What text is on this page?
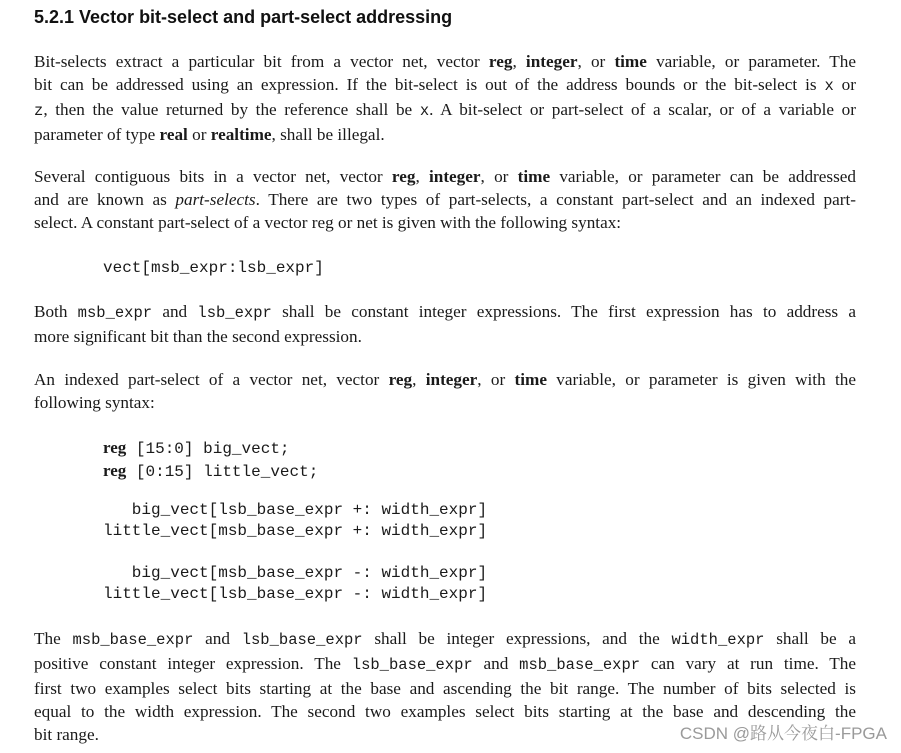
5.2.1 Vector bit-select and part-select addressing

Bit-selects extract a particular bit from a vector net, vector reg, integer, or time variable, or parameter. The
bit can be addressed using an expression. If the bit-select is out of the address bounds or the bit-select is x or
z, then the value returned by the reference shall be x. A bit-select or part-select of a scalar, or of a variable or
parameter of type real or realtime, shall be illegal.

Several contiguous bits in a vector net, vector reg, integer, or time variable, or parameter can be addressed
and are known as part-selects. There are two types of part-selects, a constant part-select and an indexed part-
select. A constant part-select of a vector reg or net is given with the following syntax:

vect[msb_expr:lsb_expr]

Both msb_expr and lsb_expr shall be constant integer expressions. The first expression has to address a
more significant bit than the second expression.

An indexed part-select of a vector net, vector reg, integer, or time variable, or parameter is given with the
following syntax:

reg [15:0] big_vect;
reg [0:15] little_vect;
big_vect[lsb_base_expr +: width_expr]
little_vect[msb_base_expr +: width_expr]
big_vect[msb_base_expr -: width_expr]
little_vect[lsb_base_expr -: width_expr]

The msb_base_expr and lsb_base_expr shall be integer expressions, and the width_expr shall be a
positive constant integer expression. The lsb_base_expr and msb_base_expr can vary at run time. The
first two examples select bits starting at the base and ascending the bit range. The number of bits selected is
equal to the width expression. The second two examples select bits starting at the base and descending the
bit range.	CSDN @路从今夜白-FPGA
